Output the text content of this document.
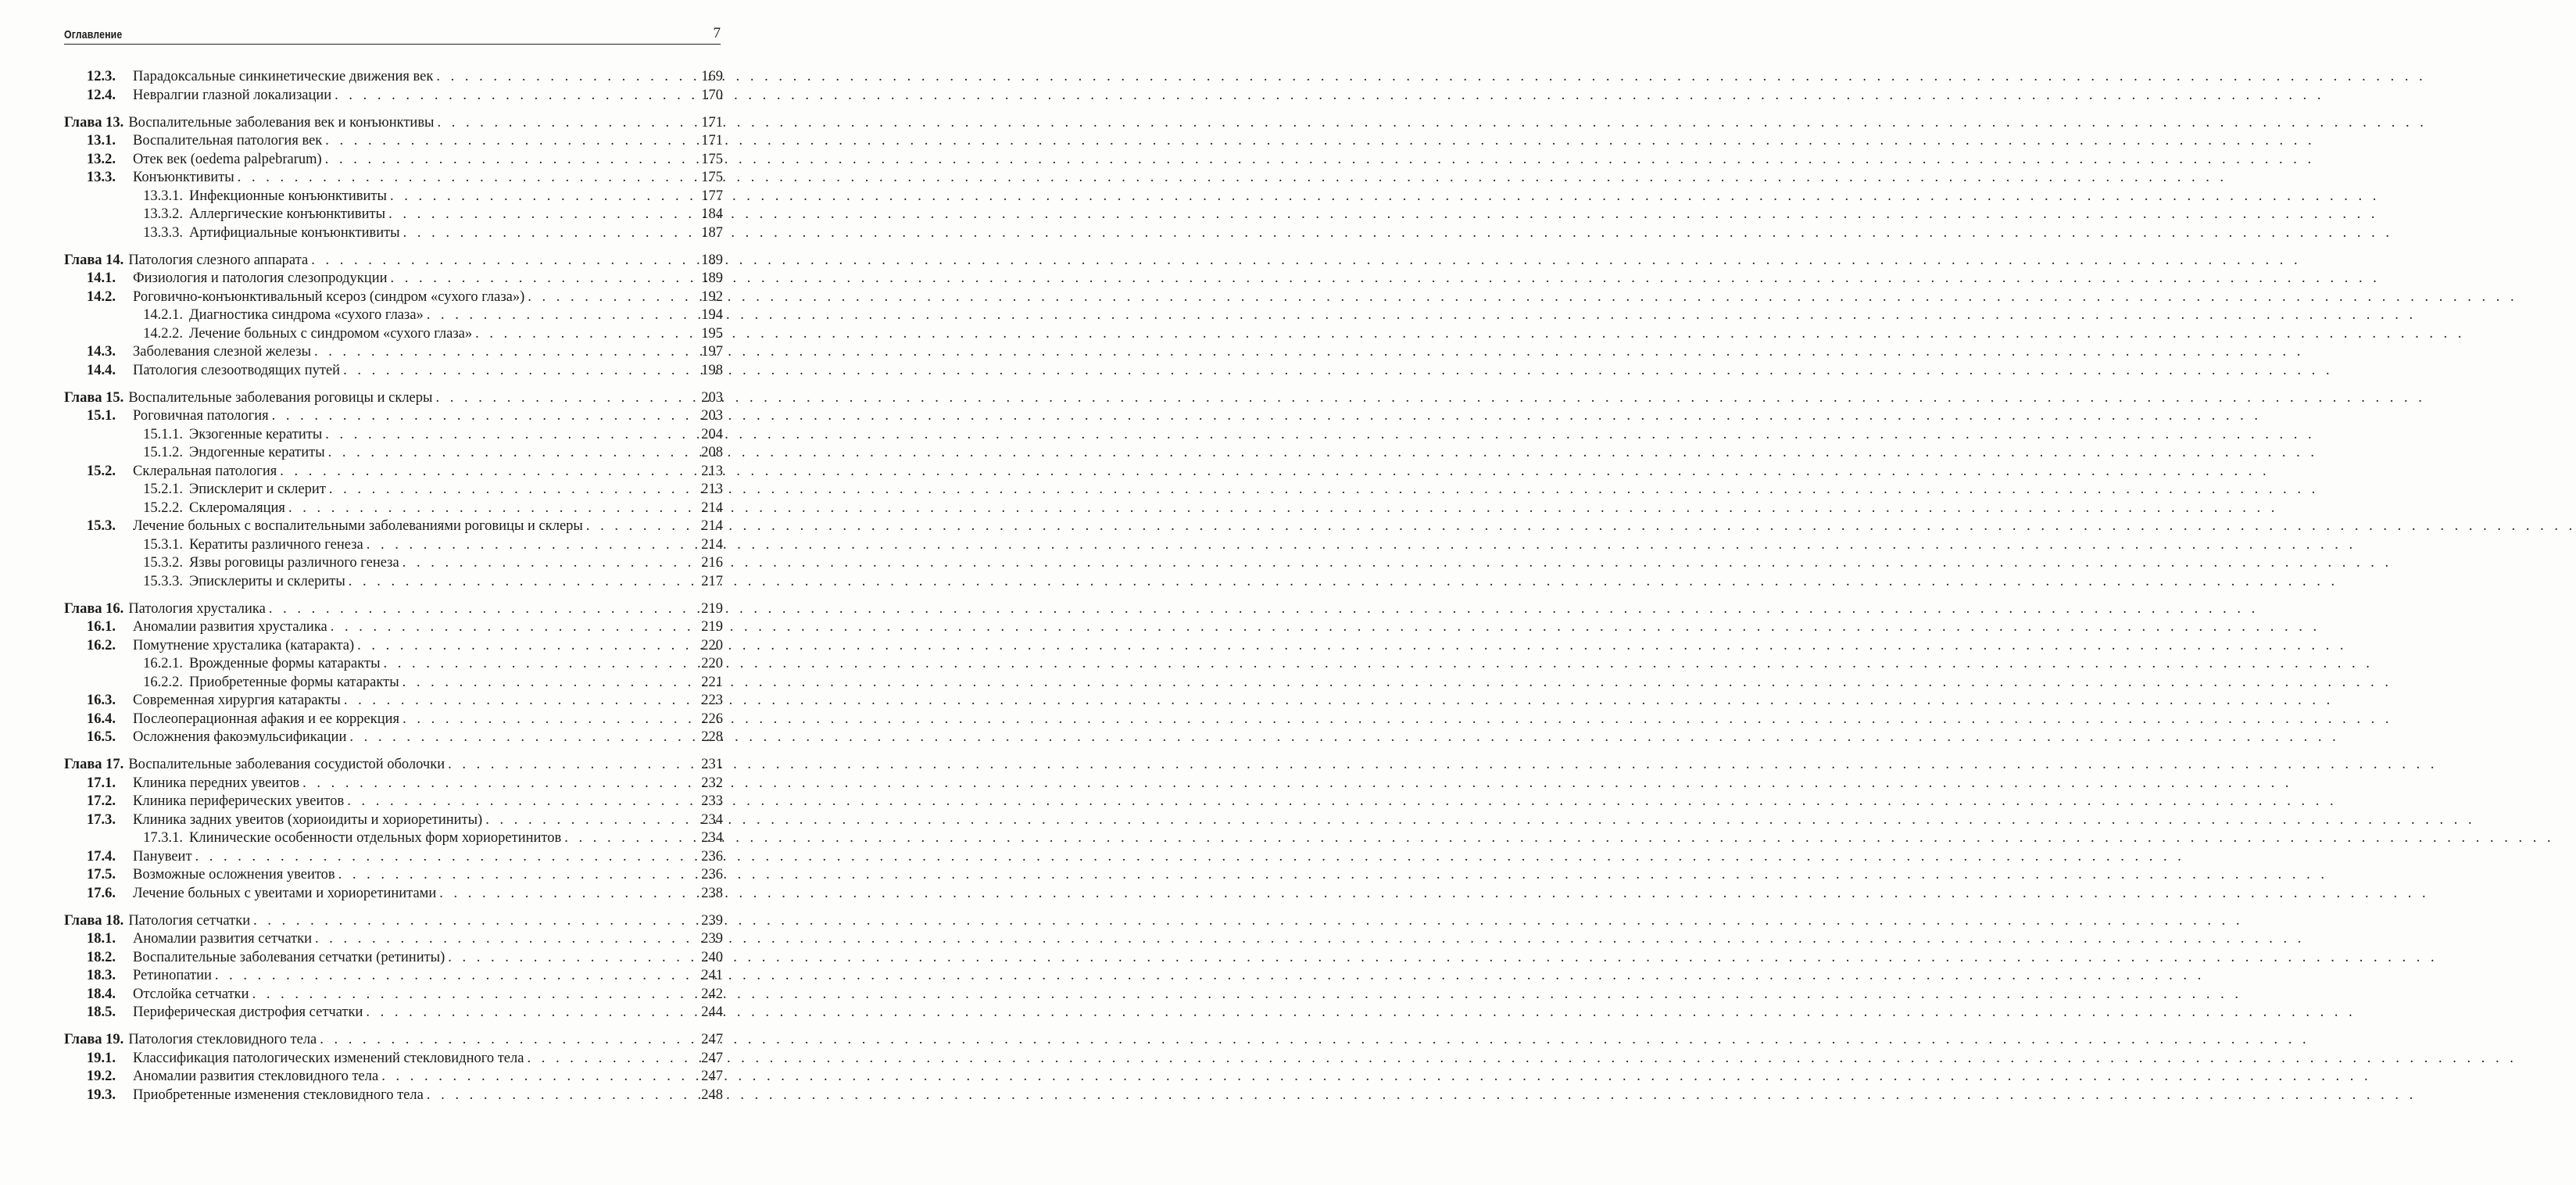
Оглавление	7
12.3.	Парадоксальные синкинетические движения век . . .	169
12.4.	Невралгии глазной локализации . . .	170
Глава 13. Воспалительные заболевания век и конъюнктивы . . .	171
13.1.	Воспалительная патология век . . .	171
13.2.	Отек век (oedema palpebrarum) . . .	175
13.3.	Конъюнктивиты . . .	175
13.3.1. Инфекционные конъюнктивиты . . .	177
13.3.2. Аллергические конъюнктивиты . . .	184
13.3.3. Артифициальные конъюнктивиты . . .	187
Глава 14. Патология слезного аппарата . . .	189
14.1.	Физиология и патология слезопродукции . . .	189
14.2.	Роговично-конъюнктивальный ксероз (синдром «сухого глаза») . . .	192
14.2.1. Диагностика синдрома «сухого глаза» . . .	194
14.2.2. Лечение больных с синдромом «сухого глаза» . . .	195
14.3.	Заболевания слезной железы . . .	197
14.4.	Патология слезоотводящих путей . . .	198
Глава 15. Воспалительные заболевания роговицы и склеры . . .	203
15.1.	Роговичная патология . . .	203
15.1.1. Экзогенные кератиты . . .	204
15.1.2. Эндогенные кератиты . . .	208
15.2.	Склеральная патология . . .	213
15.2.1. Эписклерит и склерит . . .	213
15.2.2. Склеромаляция . . .	214
15.3.	Лечение больных с воспалительными заболеваниями роговицы и склеры . . .	214
15.3.1. Кератиты различного генеза . . .	214
15.3.2. Язвы роговицы различного генеза . . .	216
15.3.3. Эписклериты и склериты . . .	217
Глава 16. Патология хрусталика . . .	219
16.1.	Аномалии развития хрусталика . . .	219
16.2.	Помутнение хрусталика (катаракта) . . .	220
16.2.1. Врожденные формы катаракты . . .	220
16.2.2. Приобретенные формы катаракты . . .	221
16.3.	Современная хирургия катаракты . . .	223
16.4.	Послеоперационная афакия и ее коррекция . . .	226
16.5.	Осложнения факоэмульсификации . . .	228
Глава 17. Воспалительные заболевания сосудистой оболочки . . .	231
17.1.	Клиника передних увеитов . . .	232
17.2.	Клиника периферических увеитов . . .	233
17.3.	Клиника задних увеитов (хориоидиты и хориоретиниты) . . .	234
17.3.1. Клинические особенности отдельных форм хориоретинитов . . .	234
17.4.	Панувеит . . .	236
17.5.	Возможные осложнения увеитов . . .	236
17.6.	Лечение больных с увеитами и хориоретинитами . . .	238
Глава 18. Патология сетчатки . . .	239
18.1.	Аномалии развития сетчатки . . .	239
18.2.	Воспалительные заболевания сетчатки (ретиниты) . . .	240
18.3.	Ретинопатии . . .	241
18.4.	Отслойка сетчатки . . .	242
18.5.	Периферическая дистрофия сетчатки . . .	244
Глава 19. Патология стекловидного тела . . .	247
19.1.	Классификация патологических изменений стекловидного тела . . .	247
19.2.	Аномалии развития стекловидного тела . . .	247
19.3.	Приобретенные изменения стекловидного тела . . .	248
